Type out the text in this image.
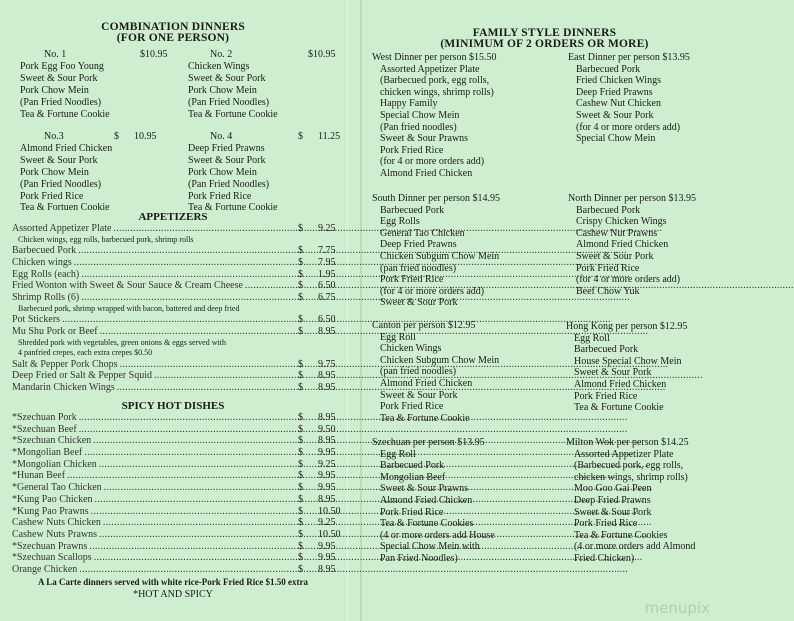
COMBINATION DINNERS
(FOR ONE PERSON)
No. 1	$10.95
Pork Egg Foo Young
Sweet & Sour Pork
Pork Chow Mein
(Pan Fried Noodles)
Tea & Fortune Cookie
No. 2	$10.95
Chicken Wings
Sweet & Sour Pork
Pork Chow Mein
(Pan Fried Noodles)
Tea & Fortune Cookie
No.3	$      10.95
Almond Fried Chicken
Sweet & Sour Pork
Pork Chow Mein
(Pan Fried Noodles)
Pork Fried Rice
Tea & Fortuen Cookie
No. 4	$      11.25
Deep Fried Prawns
Sweet & Sour Pork
Pork Chow Mein
(Pan Fried Noodles)
Pork Fried Rice
Tea & Fortune Cookie
APPETIZERS
Assorted Appetizer Plate .....	$ 9.25
Chicken wings, egg rolls, barbecued pork, shrimp rolls
Barbecued Pork .....	$ 7.75
Chicken wings .....	$ 7.95
Egg Rolls (each) .....	$ 1.95
Fried Wonton with Sweet & Sour Sauce & Cream Cheese .....	$ 6.50
Shrimp Rolls (6) .....	$ 6.75
Barbecued pork, shrimp wrapped with bacon, battered and deep fried
Pot Stickers .....	$ 6.50
Mu Shu Pork or Beef .....	$ 8.95
Shredded pork with vegetables, green onions & eggs served with
4 panfried crepes, each extra crepes $0.50
Salt & Pepper Pork Chops .....	$ 9.75
Deep Fried or Salt & Pepper Squid .....	$ 8.95
Mandarin Chicken Wings .....	$ 8.95
SPICY HOT DISHES
*Szechuan Pork .....	$ 8.95
*Szechuan Beef .....	$ 9.50
*Szechuan Chicken .....	$ 8.95
*Mongolian Beef .....	$ 9.95
*Mongolian Chicken .....	$ 9.25
*Hunan Beef .....	$ 9.95
*General Tao Chicken .....	$ 9.95
*Kung Pao Chicken .....	$ 8.95
*Kung Pao Prawns .....	$ 10.50
Cashew Nuts Chicken .....	$ 9.25
Cashew Nuts Prawns .....	$ 10.50
*Szechuan Prawns .....	$ 9.95
*Szechuan Scallops .....	$ 9.95
Orange Chicken .....	$ 8.95
A La Carte dinners served with white rice-Pork Fried Rice $1.50 extra
*HOT AND SPICY
FAMILY STYLE DINNERS
(MINIMUM OF 2 ORDERS OR MORE)
West Dinner per person $15.50
Assorted Appetizer Plate
(Barbecued pork, egg rolls,
chicken wings, shrimp rolls)
Happy Family
Special Chow Mein
(Pan fried noodles)
Sweet & Sour Prawns
Pork Fried Rice
(for 4 or more orders add)
Almond Fried Chicken
East Dinner per person $13.95
Barbecued Pork
Fried Chicken Wings
Deep Fried Prawns
Cashew Nut Chicken
Sweet & Sour Pork
(for 4 or more orders add)
Special Chow Mein
South Dinner per person $14.95
Barbecued Pork
Egg Rolls
General Tao Chicken
Deep Fried Prawns
Chicken Subgum Chow Mein
(pan fried noodles)
Pork Fried Rice
(for 4 or more orders add)
Sweet & Sour Pork
North Dinner per person $13.95
Barbecued Pork
Crispy Chicken Wings
Cashew Nut Prawns
Almond Fried Chicken
Sweet & Sour Pork
Pork Fried Rice
(for 4 or more orders add)
Beef Chow Yuk
Canton per person $12.95
Egg Roll
Chicken Wings
Chicken Subgum Chow Mein
(pan fried noodles)
Almond Fried Chicken
Sweet & Sour Pork
Pork Fried Rice
Tea & Fortune Cookie
Hong Kong per person $12.95
Egg Roll
Barbecued Pork
House Special Chow Mein
Sweet & Sour Pork
Almond Fried Chicken
Pork Fried Rice
Tea & Fortune Cookie
Szechuan per person $13.95
Egg Roll
Barbecued Pork
Mongolian Beef
Sweet & Sour Prawns
Almond Fried Chicken
Pork Fried Rice
Tea & Fortune Cookies
(4 or more orders add House
Special Chow Mein with
Pan Fried Noodles)
Milton Wok per person $14.25
Assorted Appetizer Plate
(Barbecued pork, egg rolls,
chicken wings, shrimp rolls)
Moo Goo Gai Peen
Deep Fried Prawns
Sweet & Sour Pork
Pork Fried Rice
Tea & Fortune Cookies
(4 or more orders add Almond
Fried Chicken)
menupix
